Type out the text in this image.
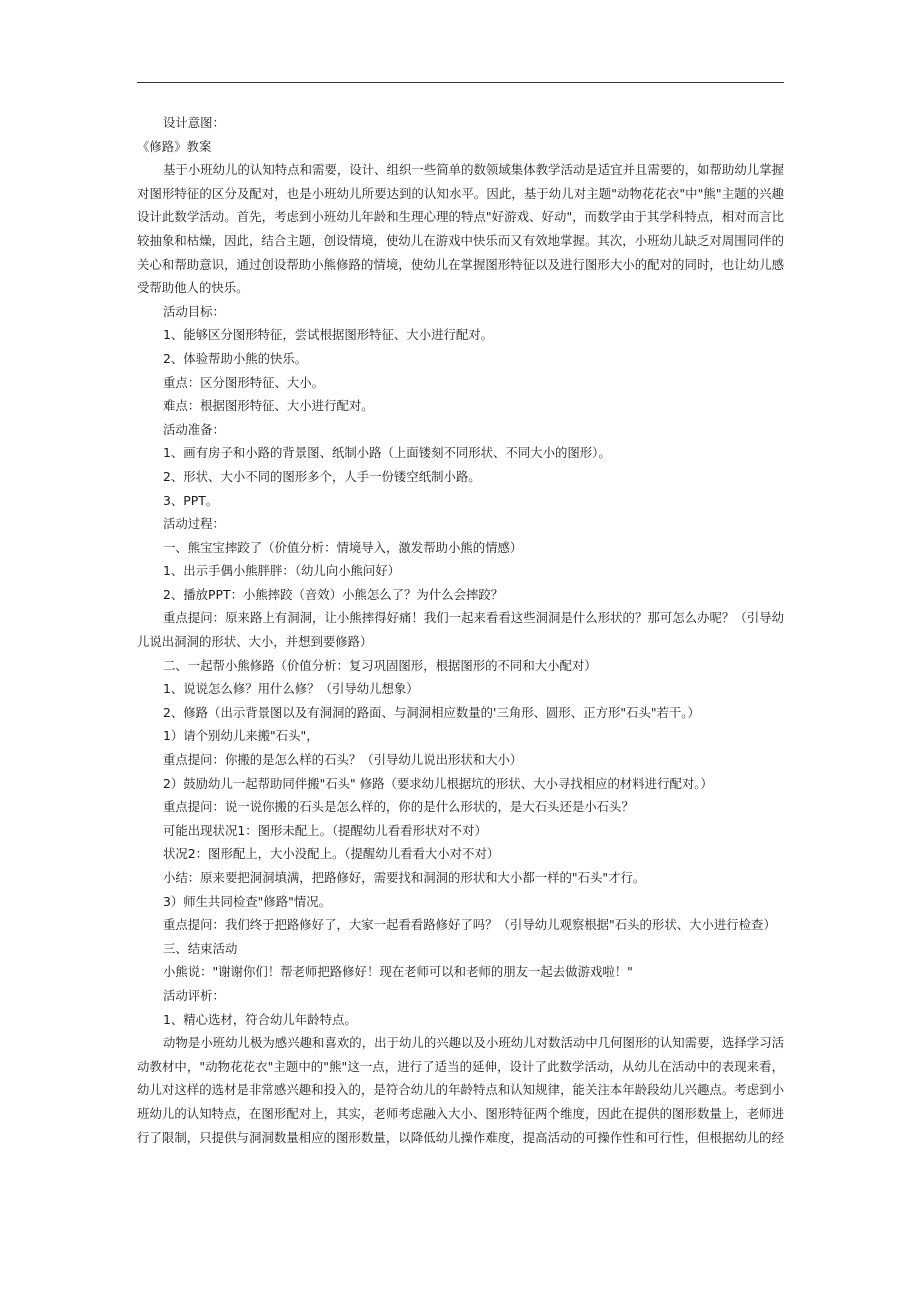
设计意图：

《修路》教案

基于小班幼儿的认知特点和需要，设计、组织一些简单的数领域集体教学活动是适宜并且需要的，如帮助幼儿掌握对图形特征的区分及配对，也是小班幼儿所要达到的认知水平。因此，基于幼儿对主题"动物花花衣"中"熊"主题的兴趣设计此数学活动。首先，考虑到小班幼儿年龄和生理心理的特点"好游戏、好动"，而数学由于其学科特点，相对而言比较抽象和枯燥，因此，结合主题，创设情境，使幼儿在游戏中快乐而又有效地掌握。其次，小班幼儿缺乏对周围同伴的关心和帮助意识，通过创设帮助小熊修路的情境，使幼儿在掌握图形特征以及进行图形大小的配对的同时，也让幼儿感受帮助他人的快乐。

活动目标：

1、能够区分图形特征，尝试根据图形特征、大小进行配对。

2、体验帮助小熊的快乐。

重点：区分图形特征、大小。

难点：根据图形特征、大小进行配对。

活动准备：

1、画有房子和小路的背景图、纸制小路（上面镂刻不同形状、不同大小的图形）。

2、形状、大小不同的图形多个，人手一份镂空纸制小路。

3、PPT。

活动过程：

一、熊宝宝摔跤了（价值分析：情境导入，激发帮助小熊的情感）

1、出示手偶小熊胖胖：（幼儿向小熊问好）

2、播放PPT：小熊摔跤（音效）小熊怎么了？为什么会摔跤？

重点提问：原来路上有洞洞，让小熊摔得好痛！我们一起来看看这些洞洞是什么形状的？那可怎么办呢？（引导幼儿说出洞洞的形状、大小，并想到要修路）

二、一起帮小熊修路（价值分析：复习巩固图形，根据图形的不同和大小配对）

1、说说怎么修？用什么修？（引导幼儿想象）

2、修路（出示背景图以及有洞洞的路面、与洞洞相应数量的'三角形、圆形、正方形"石头"若干。）

1）请个别幼儿来搬"石头"，

重点提问：你搬的是怎么样的石头？（引导幼儿说出形状和大小）

2）鼓励幼儿一起帮助同伴搬"石头" 修路（要求幼儿根据坑的形状、大小寻找相应的材料进行配对。）

重点提问：说一说你搬的石头是怎么样的，你的是什么形状的，是大石头还是小石头？

可能出现状况1：图形未配上。（提醒幼儿看看形状对不对）

状况2：图形配上，大小没配上。（提醒幼儿看看大小对不对）

小结：原来要把洞洞填满，把路修好，需要找和洞洞的形状和大小都一样的"石头"才行。

3）师生共同检查"修路"情况。

重点提问：我们终于把路修好了，大家一起看看路修好了吗？（引导幼儿观察根据"石头的形状、大小进行检查）

三、结束活动

小熊说："谢谢你们！帮老师把路修好！现在老师可以和老师的朋友一起去做游戏啦！"

活动评析：

1、精心选材，符合幼儿年龄特点。

动物是小班幼儿极为感兴趣和喜欢的，出于幼儿的兴趣以及小班幼儿对数活动中几何图形的认知需要，选择学习活动教材中，"动物花花衣"主题中的"熊"这一点，进行了适当的延伸，设计了此数学活动，从幼儿在活动中的表现来看，幼儿对这样的选材是非常感兴趣和投入的，是符合幼儿的年龄特点和认知规律，能关注本年龄段幼儿兴趣点。考虑到小班幼儿的认知特点，在图形配对上，其实，老师考虑融入大小、图形特征两个维度，因此在提供的图形数量上，老师进行了限制，只提供与洞洞数量相应的图形数量，以降低幼儿操作难度，提高活动的可操作性和可行性，但根据幼儿的经
